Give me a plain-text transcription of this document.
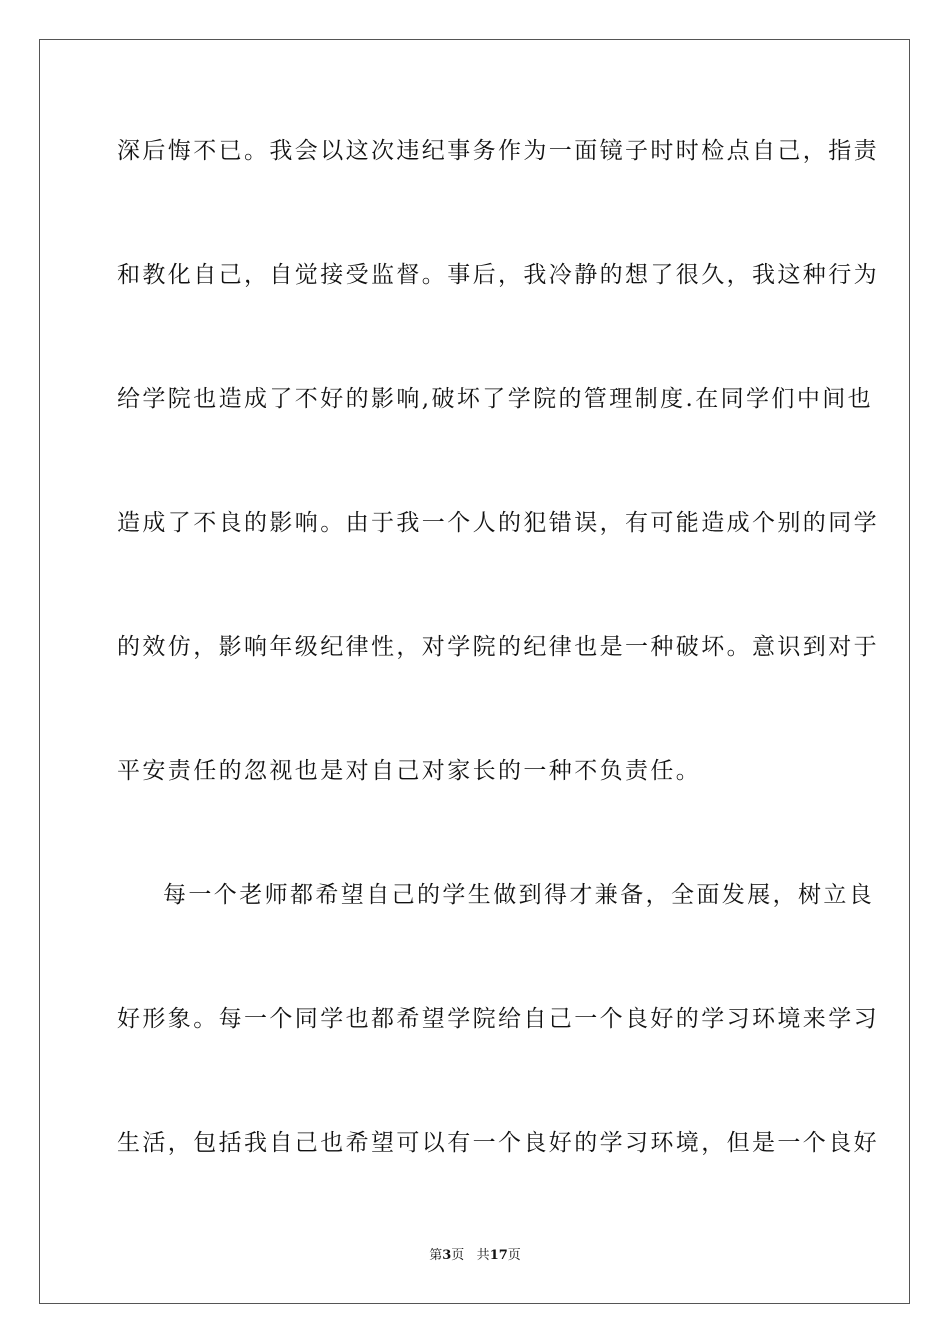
深后悔不已。我会以这次违纪事务作为一面镜子时时检点自己，指责
和教化自己，自觉接受监督。事后，我冷静的想了很久，我这种行为
给学院也造成了不好的影响,破坏了学院的管理制度.在同学们中间也
造成了不良的影响。由于我一个人的犯错误，有可能造成个别的同学
的效仿，影响年级纪律性，对学院的纪律也是一种破坏。意识到对于
平安责任的忽视也是对自己对家长的一种不负责任。
每一个老师都希望自己的学生做到得才兼备，全面发展，树立良
好形象。每一个同学也都希望学院给自己一个良好的学习环境来学习
生活，包括我自己也希望可以有一个良好的学习环境，但是一个良好
第3页 共17页
